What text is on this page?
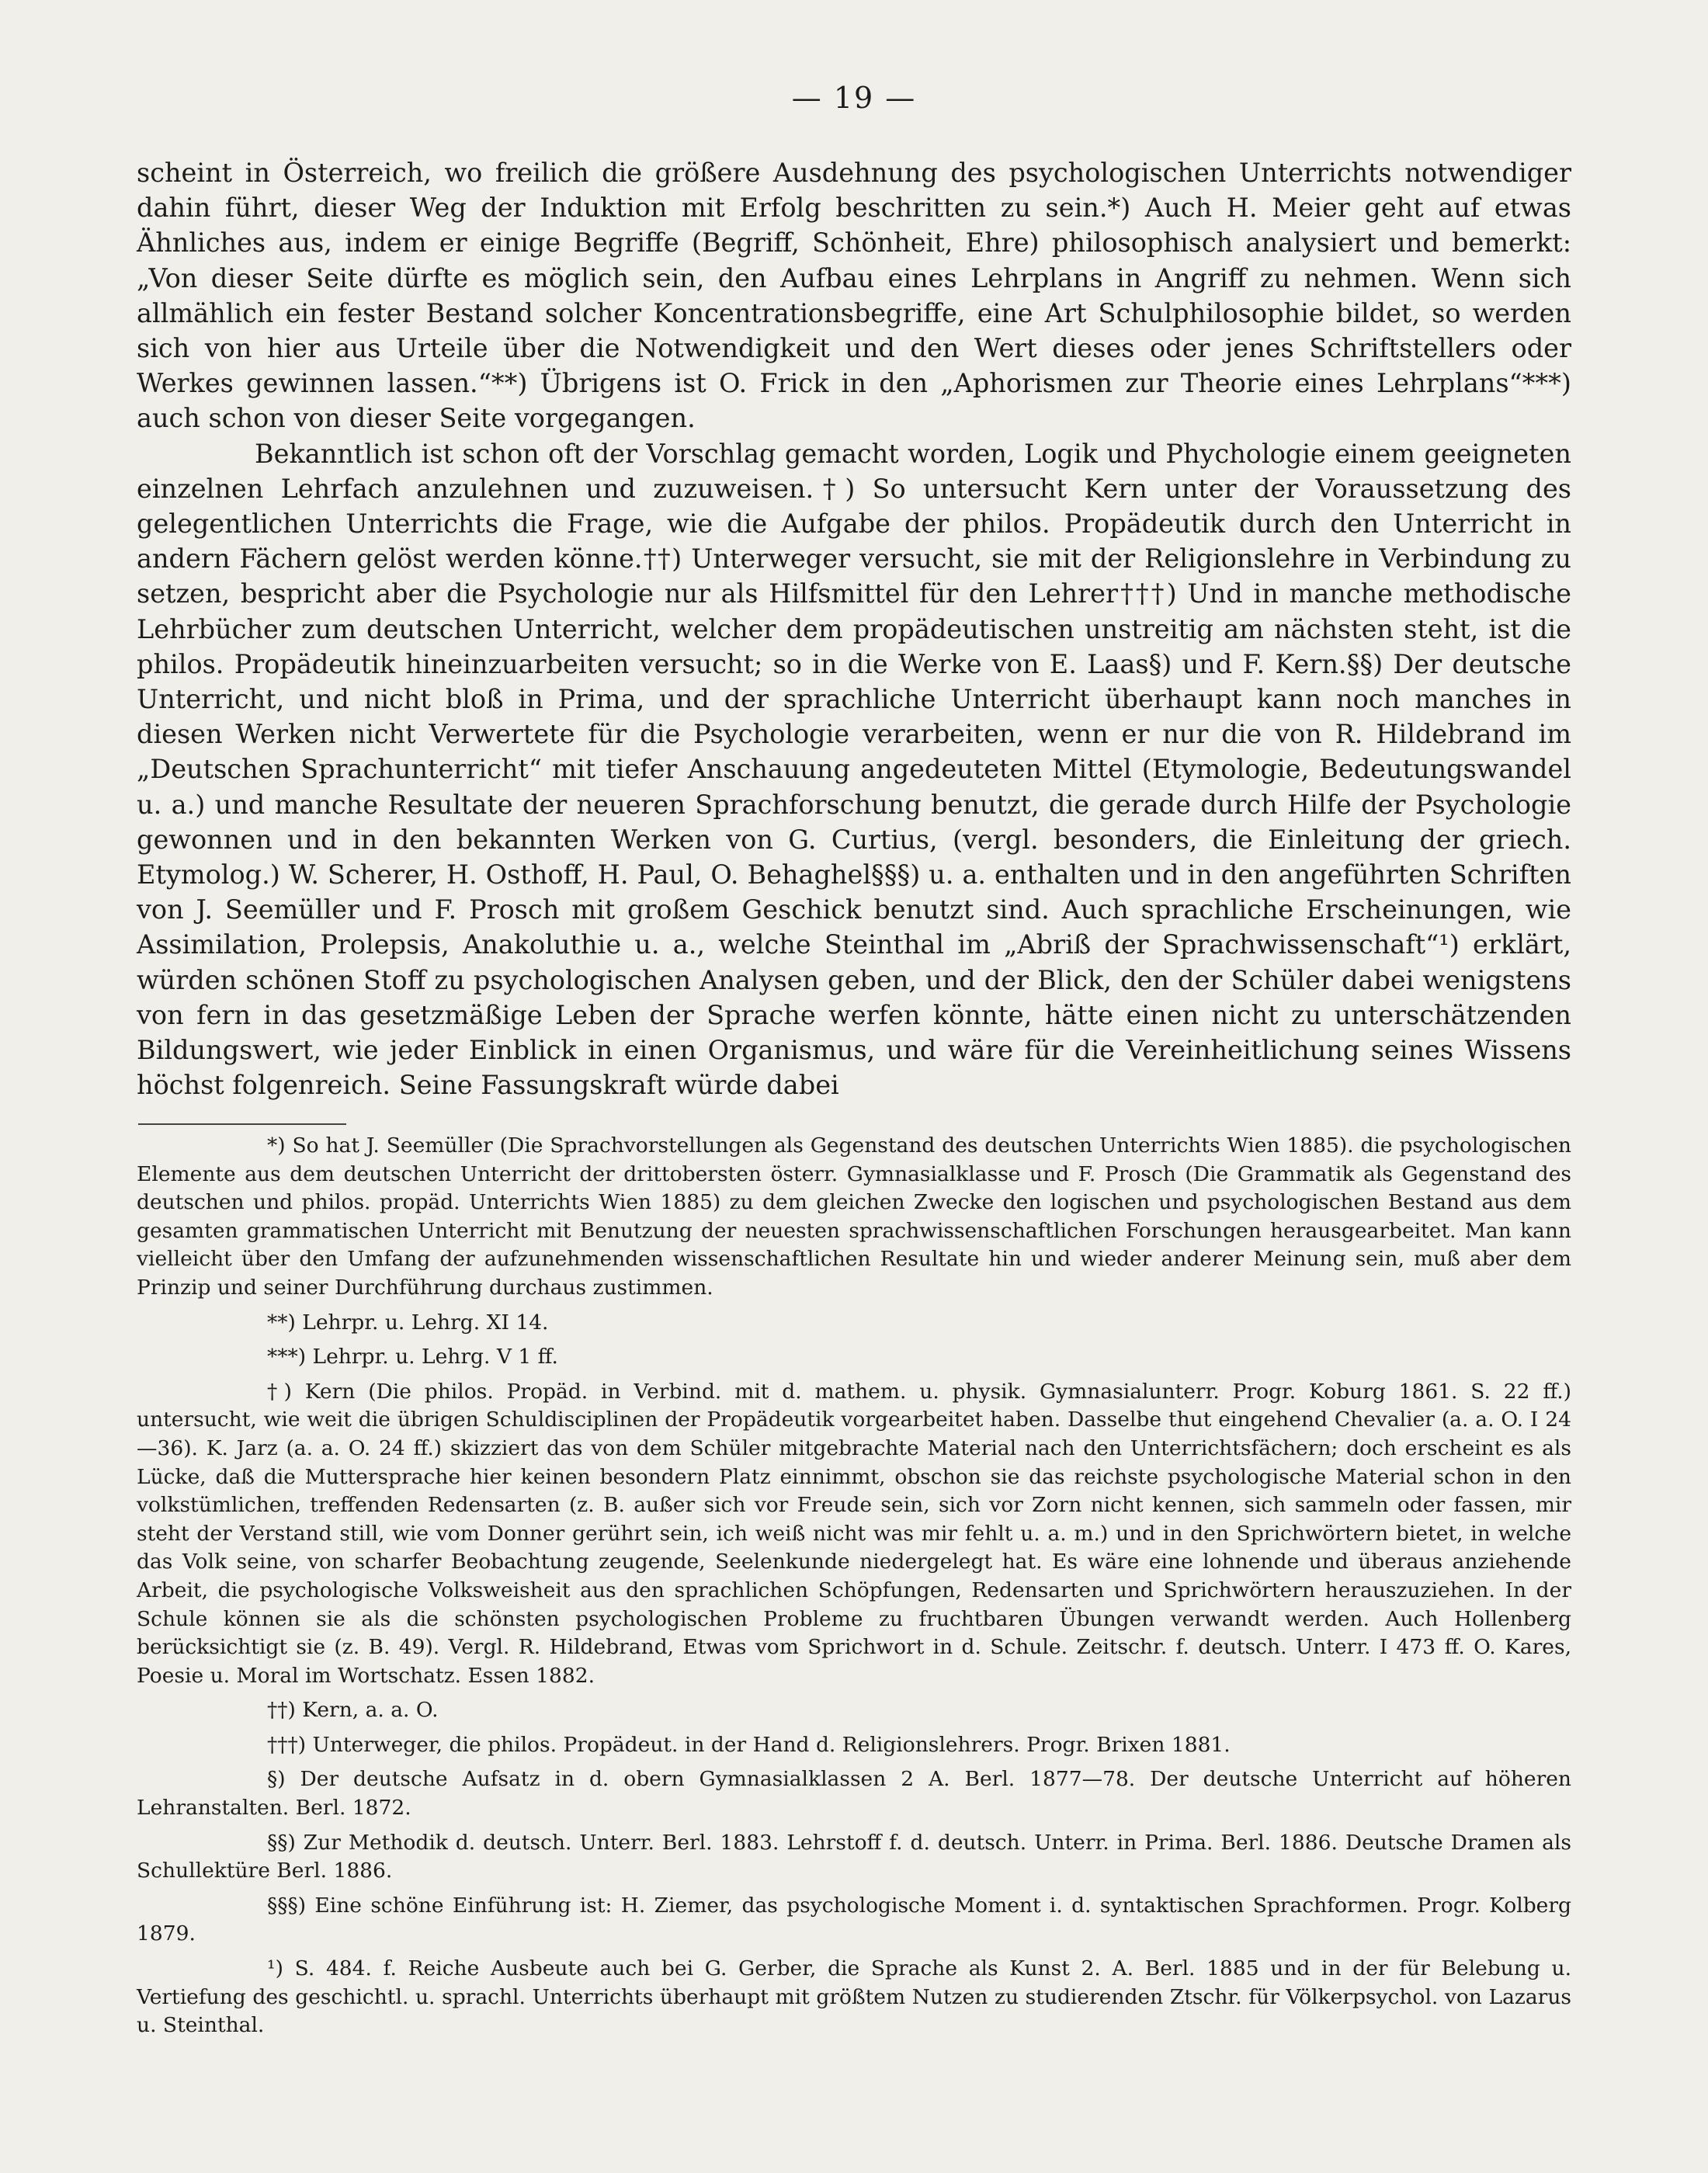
— 19 —

scheint in Österreich, wo freilich die größere Ausdehnung des psychologischen Unterrichts notwendiger dahin führt, dieser Weg der Induktion mit Erfolg beschritten zu sein.*) Auch H. Meier geht auf etwas Ähnliches aus, indem er einige Begriffe (Begriff, Schönheit, Ehre) philosophisch analysiert und bemerkt: „Von dieser Seite dürfte es möglich sein, den Aufbau eines Lehrplans in Angriff zu nehmen. Wenn sich allmählich ein fester Bestand solcher Koncentrationsbegriffe, eine Art Schulphilosophie bildet, so werden sich von hier aus Urteile über die Notwendigkeit und den Wert dieses oder jenes Schriftstellers oder Werkes gewinnen lassen.“**) Übrigens ist O. Frick in den „Aphorismen zur Theorie eines Lehrplans“***) auch schon von dieser Seite vorgegangen.

Bekanntlich ist schon oft der Vorschlag gemacht worden, Logik und Phychologie einem geeigneten einzelnen Lehrfach anzulehnen und zuzuweisen.†) So untersucht Kern unter der Voraussetzung des gelegentlichen Unterrichts die Frage, wie die Aufgabe der philos. Propädeutik durch den Unterricht in andern Fächern gelöst werden könne.††) Unterweger versucht, sie mit der Religionslehre in Verbindung zu setzen, bespricht aber die Psychologie nur als Hilfsmittel für den Lehrer†††) Und in manche methodische Lehrbücher zum deutschen Unterricht, welcher dem propädeutischen unstreitig am nächsten steht, ist die philos. Propädeutik hineinzuarbeiten versucht; so in die Werke von E. Laas§) und F. Kern.§§) Der deutsche Unterricht, und nicht bloß in Prima, und der sprachliche Unterricht überhaupt kann noch manches in diesen Werken nicht Verwertete für die Psychologie verarbeiten, wenn er nur die von R. Hildebrand im „Deutschen Sprachunterricht“ mit tiefer Anschauung angedeuteten Mittel (Etymologie, Bedeutungswandel u. a.) und manche Resultate der neueren Sprachforschung benutzt, die gerade durch Hilfe der Psychologie gewonnen und in den bekannten Werken von G. Curtius, (vergl. besonders, die Einleitung der griech. Etymolog.) W. Scherer, H. Osthoff, H. Paul, O. Behaghel§§§) u. a. enthalten und in den angeführten Schriften von J. Seemüller und F. Prosch mit großem Geschick benutzt sind. Auch sprachliche Erscheinungen, wie Assimilation, Prolepsis, Anakoluthie u. a., welche Steinthal im „Abriß der Sprachwissenschaft“¹) erklärt, würden schönen Stoff zu psychologischen Analysen geben, und der Blick, den der Schüler dabei wenigstens von fern in das gesetzmäßige Leben der Sprache werfen könnte, hätte einen nicht zu unterschätzenden Bildungswert, wie jeder Einblick in einen Organismus, und wäre für die Vereinheitlichung seines Wissens höchst folgenreich. Seine Fassungskraft würde dabei

*) So hat J. Seemüller (Die Sprachvorstellungen als Gegenstand des deutschen Unterrichts Wien 1885). die psychologischen Elemente aus dem deutschen Unterricht der drittobersten österr. Gymnasialklasse und F. Prosch (Die Grammatik als Gegenstand des deutschen und philos. propäd. Unterrichts Wien 1885) zu dem gleichen Zwecke den logischen und psychologischen Bestand aus dem gesamten grammatischen Unterricht mit Benutzung der neuesten sprachwissenschaftlichen Forschungen herausgearbeitet. Man kann vielleicht über den Umfang der aufzunehmenden wissenschaftlichen Resultate hin und wieder anderer Meinung sein, muß aber dem Prinzip und seiner Durchführung durchaus zustimmen.

**) Lehrpr. u. Lehrg. XI 14.

***) Lehrpr. u. Lehrg. V 1 ff.

†) Kern (Die philos. Propäd. in Verbind. mit d. mathem. u. physik. Gymnasialunterr. Progr. Koburg 1861. S. 22 ff.) untersucht, wie weit die übrigen Schuldisciplinen der Propädeutik vorgearbeitet haben. Dasselbe thut eingehend Chevalier (a. a. O. I 24—36). K. Jarz (a. a. O. 24 ff.) skizziert das von dem Schüler mitgebrachte Material nach den Unterrichtsfächern; doch erscheint es als Lücke, daß die Muttersprache hier keinen besondern Platz einnimmt, obschon sie das reichste psychologische Material schon in den volkstümlichen, treffenden Redensarten (z. B. außer sich vor Freude sein, sich vor Zorn nicht kennen, sich sammeln oder fassen, mir steht der Verstand still, wie vom Donner gerührt sein, ich weiß nicht was mir fehlt u. a. m.) und in den Sprichwörtern bietet, in welche das Volk seine, von scharfer Beobachtung zeugende, Seelenkunde niedergelegt hat. Es wäre eine lohnende und überaus anziehende Arbeit, die psychologische Volksweisheit aus den sprachlichen Schöpfungen, Redensarten und Sprichwörtern herauszuziehen. In der Schule können sie als die schönsten psychologischen Probleme zu fruchtbaren Übungen verwandt werden. Auch Hollenberg berücksichtigt sie (z. B. 49). Vergl. R. Hildebrand, Etwas vom Sprichwort in d. Schule. Zeitschr. f. deutsch. Unterr. I 473 ff. O. Kares, Poesie u. Moral im Wortschatz. Essen 1882.

††) Kern, a. a. O.

†††) Unterweger, die philos. Propädeut. in der Hand d. Religionslehrers. Progr. Brixen 1881.

§) Der deutsche Aufsatz in d. obern Gymnasialklassen 2 A. Berl. 1877—78. Der deutsche Unterricht auf höheren Lehranstalten. Berl. 1872.

§§) Zur Methodik d. deutsch. Unterr. Berl. 1883. Lehrstoff f. d. deutsch. Unterr. in Prima. Berl. 1886. Deutsche Dramen als Schullektüre Berl. 1886.

§§§) Eine schöne Einführung ist: H. Ziemer, das psychologische Moment i. d. syntaktischen Sprachformen. Progr. Kolberg 1879.

¹) S. 484. f. Reiche Ausbeute auch bei G. Gerber, die Sprache als Kunst 2. A. Berl. 1885 und in der für Belebung u. Vertiefung des geschichtl. u. sprachl. Unterrichts überhaupt mit größtem Nutzen zu studierenden Ztschr. für Völkerpsychol. von Lazarus u. Steinthal.
